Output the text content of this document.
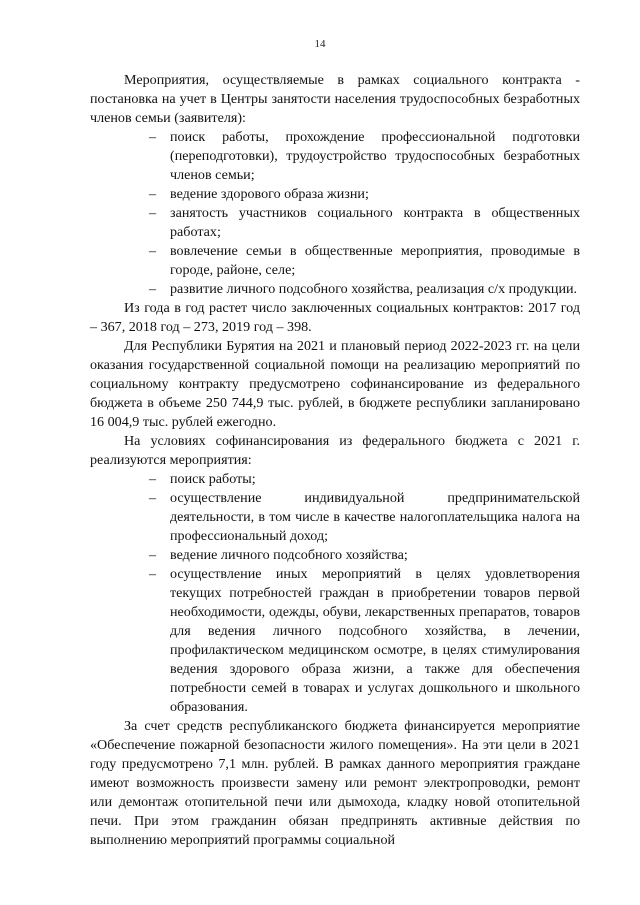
14

Мероприятия, осуществляемые в рамках социального контракта - постановка на учет в Центры занятости населения трудоспособных безработных членов семьи (заявителя):

– поиск работы, прохождение профессиональной подготовки (переподготовки), трудоустройство трудоспособных безработных членов семьи;
– ведение здорового образа жизни;
– занятость участников социального контракта в общественных работах;
– вовлечение семьи в общественные мероприятия, проводимые в городе, районе, селе;
– развитие личного подсобного хозяйства, реализация с/х продукции.

Из года в год растет число заключенных социальных контрактов: 2017 год – 367, 2018 год – 273, 2019 год – 398.

Для Республики Бурятия на 2021 и плановый период 2022-2023 гг. на цели оказания государственной социальной помощи на реализацию мероприятий по социальному контракту предусмотрено софинансирование из федерального бюджета в объеме 250 744,9 тыс. рублей, в бюджете республики запланировано 16 004,9 тыс. рублей ежегодно.

На условиях софинансирования из федерального бюджета с 2021 г. реализуются мероприятия:

– поиск работы;
– осуществление индивидуальной предпринимательской деятельности, в том числе в качестве налогоплательщика налога на профессиональный доход;
– ведение личного подсобного хозяйства;
– осуществление иных мероприятий в целях удовлетворения текущих потребностей граждан в приобретении товаров первой необходимости, одежды, обуви, лекарственных препаратов, товаров для ведения личного подсобного хозяйства, в лечении, профилактическом медицинском осмотре, в целях стимулирования ведения здорового образа жизни, а также для обеспечения потребности семей в товарах и услугах дошкольного и школьного образования.

За счет средств республиканского бюджета финансируется мероприятие «Обеспечение пожарной безопасности жилого помещения». На эти цели в 2021 году предусмотрено 7,1 млн. рублей. В рамках данного мероприятия граждане имеют возможность произвести замену или ремонт электропроводки, ремонт или демонтаж отопительной печи или дымохода, кладку новой отопительной печи. При этом гражданин обязан предпринять активные действия по выполнению мероприятий программы социальной
